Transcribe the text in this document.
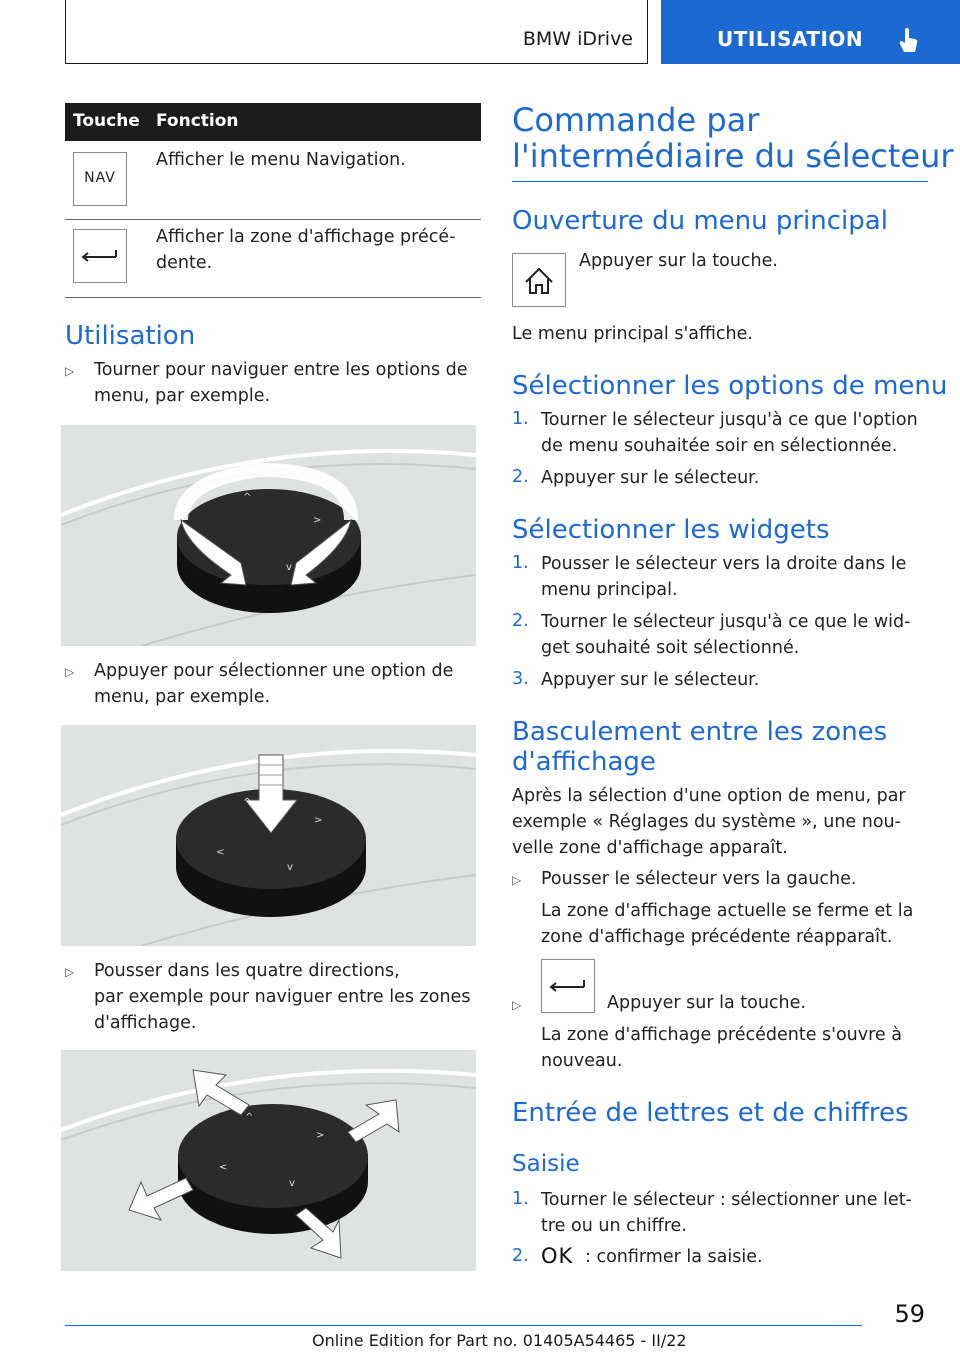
BMW iDrive	UTILISATION
Touche Fonction
NAV
Afficher le menu Navigation.
Afficher la zone d'affichage précé-
dente.
Utilisation
▷ Tourner pour naviguer entre les options de
menu, par exemple.
^
>
v
▷ Appuyer pour sélectionner une option de
menu, par exemple.
^
>
<
v
▷ Pousser dans les quatre directions,
par exemple pour naviguer entre les zones
d'affichage.
^
>
<
v
Commande par
l'intermédiaire du sélecteur
Ouverture du menu principal
Appuyer sur la touche.
Le menu principal s'affiche.
Sélectionner les options de menu
1. Tourner le sélecteur jusqu'à ce que l'option
de menu souhaitée soir en sélectionnée.
2. Appuyer sur le sélecteur.
Sélectionner les widgets
1. Pousser le sélecteur vers la droite dans le
menu principal.
2. Tourner le sélecteur jusqu'à ce que le wid-
get souhaité soit sélectionné.
3. Appuyer sur le sélecteur.
Basculement entre les zones
d'affichage
Après la sélection d'une option de menu, par
exemple « Réglages du système », une nou-
velle zone d'affichage apparaît.
▷ Pousser le sélecteur vers la gauche.
La zone d'affichage actuelle se ferme et la
zone d'affichage précédente réapparaît.
▷	Appuyer sur la touche.
La zone d'affichage précédente s'ouvre à
nouveau.
Entrée de lettres et de chiffres
Saisie
1. Tourner le sélecteur : sélectionner une let-
tre ou un chiffre.
2. OK : confirmer la saisie.
59
Online Edition for Part no. 01405A54465 - II/22
